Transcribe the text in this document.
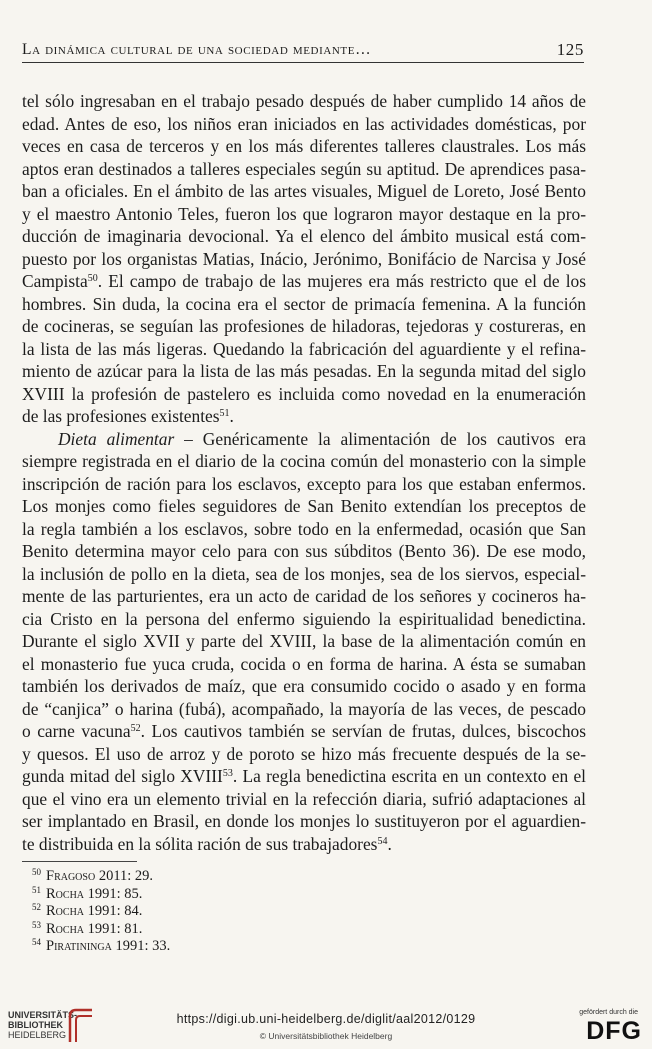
La dinámica cultural de una sociedad mediante…	125
tel sólo ingresaban en el trabajo pesado después de haber cumplido 14 años de
edad. Antes de eso, los niños eran iniciados en las actividades domésticas, por
veces en casa de terceros y en los más diferentes talleres claustrales. Los más
aptos eran destinados a talleres especiales según su aptitud. De aprendices pasa-
ban a oficiales. En el ámbito de las artes visuales, Miguel de Loreto, José Bento
y el maestro Antonio Teles, fueron los que lograron mayor destaque en la pro-
ducción de imaginaria devocional. Ya el elenco del ámbito musical está com-
puesto por los organistas Matias, Inácio, Jerónimo, Bonifácio de Narcisa y José
Campista$^{50}$. El campo de trabajo de las mujeres era más restricto que el de los
hombres. Sin duda, la cocina era el sector de primacía femenina. A la función
de cocineras, se seguían las profesiones de hiladoras, tejedoras y costureras, en
la lista de las más ligeras. Quedando la fabricación del aguardiente y el refina-
miento de azúcar para la lista de las más pesadas. En la segunda mitad del siglo
XVIII la profesión de pastelero es incluida como novedad en la enumeración
de las profesiones existentes$^{51}$.
Dieta alimentar – Genéricamente la alimentación de los cautivos era
siempre registrada en el diario de la cocina común del monasterio con la simple
inscripción de ración para los esclavos, excepto para los que estaban enfermos.
Los monjes como fieles seguidores de San Benito extendían los preceptos de
la regla también a los esclavos, sobre todo en la enfermedad, ocasión que San
Benito determina mayor celo para con sus súbditos (Bento 36). De ese modo,
la inclusión de pollo en la dieta, sea de los monjes, sea de los siervos, especial-
mente de las parturientes, era un acto de caridad de los señores y cocineros ha-
cia Cristo en la persona del enfermo siguiendo la espiritualidad benedictina.
Durante el siglo XVII y parte del XVIII, la base de la alimentación común en
el monasterio fue yuca cruda, cocida o en forma de harina. A ésta se sumaban
también los derivados de maíz, que era consumido cocido o asado y en forma
de “canjica” o harina (fubá), acompañado, la mayoría de las veces, de pescado
o carne vacuna$^{52}$. Los cautivos también se servían de frutas, dulces, biscochos
y quesos. El uso de arroz y de poroto se hizo más frecuente después de la se-
gunda mitad del siglo XVIII$^{53}$. La regla benedictina escrita en un contexto en el
que el vino era un elemento trivial en la refección diaria, sufrió adaptaciones al
ser implantado en Brasil, en donde los monjes lo sustituyeron por el aguardien-
te distribuida en la sólita ración de sus trabajadores$^{54}$.
50 Fragoso 2011: 29.
51 Rocha 1991: 85.
52 Rocha 1991: 84.
53 Rocha 1991: 81.
54 Piratininga 1991: 33.
UNIVERSITÄTS-
BIBLIOTHEK
HEIDELBERG
https://digi.ub.uni-heidelberg.de/diglit/aal2012/0129
© Universitätsbibliothek Heidelberg
gefördert durch die
DFG
